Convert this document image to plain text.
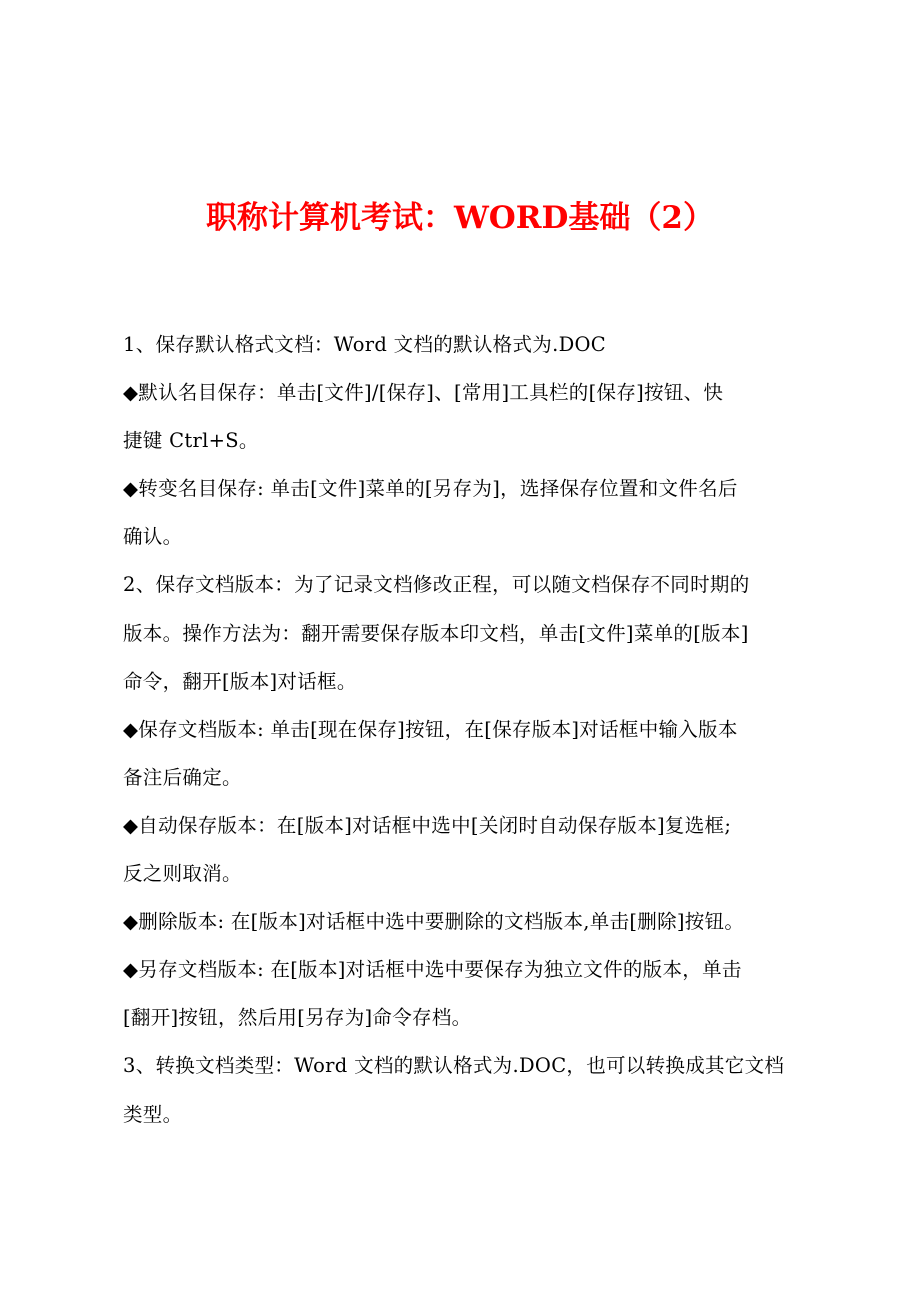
职称计算机考试：WORD基础（2）
1、保存默认格式文档：Word 文档的默认格式为.DOC
◆默认名目保存：单击[文件]/[保存]、[常用]工具栏的[保存]按钮、快
捷键 Ctrl+S。
◆转变名目保存: 单击[文件]菜单的[另存为]，选择保存位置和文件名后
确认。
2、保存文档版本：为了记录文档修改正程，可以随文档保存不同时期的
版本。操作方法为：翻开需要保存版本印文档，单击[文件]菜单的[版本]
命令，翻开[版本]对话框。
◆保存文档版本: 单击[现在保存]按钮，在[保存版本]对话框中输入版本
备注后确定。
◆自动保存版本：在[版本]对话框中选中[关闭时自动保存版本]复选框;
反之则取消。
◆删除版本: 在[版本]对话框中选中要删除的文档版本,单击[删除]按钮。
◆另存文档版本: 在[版本]对话框中选中要保存为独立文件的版本，单击
[翻开]按钮，然后用[另存为]命令存档。
3、转换文档类型：Word 文档的默认格式为.DOC，也可以转换成其它文档
类型。
